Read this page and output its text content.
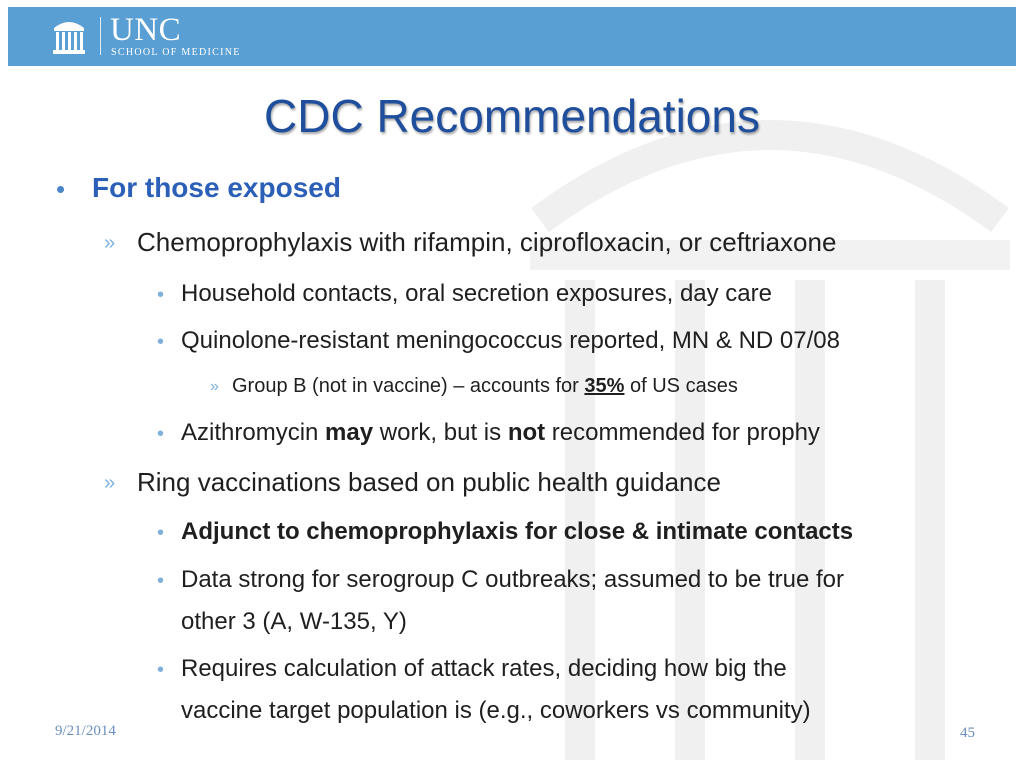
UNC
SCHOOL OF MEDICINE
CDC Recommendations
• For those exposed
» Chemoprophylaxis with rifampin, ciprofloxacin, or ceftriaxone
• Household contacts, oral secretion exposures, day care
• Quinolone-resistant meningococcus reported, MN & ND 07/08
» Group B (not in vaccine) – accounts for 35% of US cases
• Azithromycin may work, but is not recommended for prophy
» Ring vaccinations based on public health guidance
• Adjunct to chemoprophylaxis for close & intimate contacts
• Data strong for serogroup C outbreaks; assumed to be true for
other 3 (A, W-135, Y)
• Requires calculation of attack rates, deciding how big the
vaccine target population is (e.g., coworkers vs community)
9/21/2014	45
